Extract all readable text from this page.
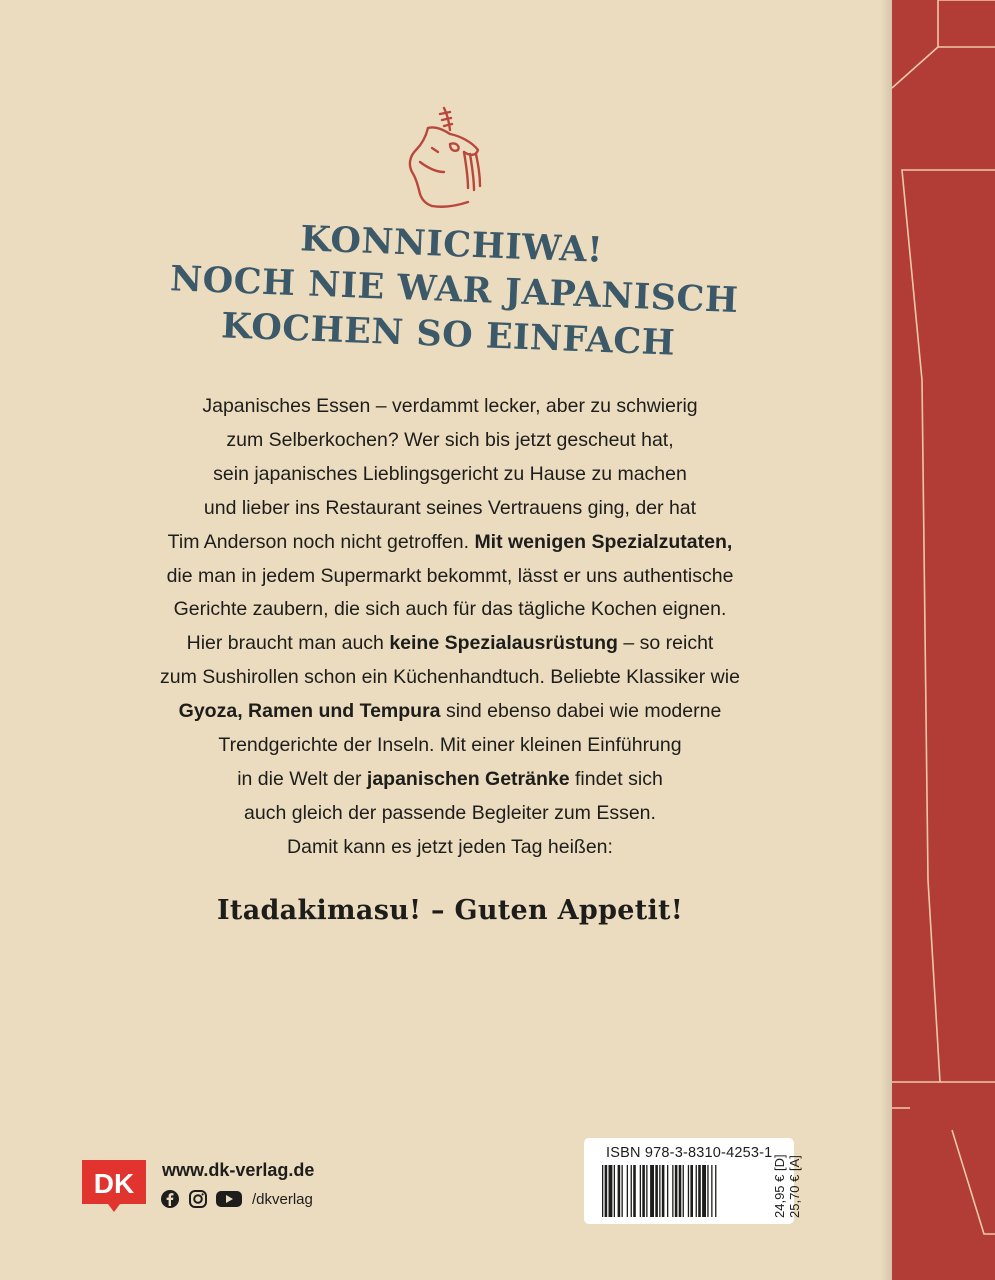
KONNICHIWA!
NOCH NIE WAR JAPANISCH
KOCHEN SO EINFACH

Japanisches Essen – verdammt lecker, aber zu schwierig

zum Selberkochen? Wer sich bis jetzt gescheut hat,

sein japanisches Lieblingsgericht zu Hause zu machen

und lieber ins Restaurant seines Vertrauens ging, der hat

Tim Anderson noch nicht getroffen. Mit wenigen Spezialzutaten,

die man in jedem Supermarkt bekommt, lässt er uns authentische

Gerichte zaubern, die sich auch für das tägliche Kochen eignen.

Hier braucht man auch keine Spezialausrüstung – so reicht

zum Sushirollen schon ein Küchenhandtuch. Beliebte Klassiker wie

Gyoza, Ramen und Tempura sind ebenso dabei wie moderne

Trendgerichte der Inseln. Mit einer kleinen Einführung

in die Welt der japanischen Getränke findet sich

auch gleich der passende Begleiter zum Essen.

Damit kann es jetzt jeden Tag heißen:

Itadakimasu! – Guten Appetit!
DK www.dk-verlag.de
/dkverlag
ISBN 978-3-8310-4253-1
24,95 € [D] 25,70 € [A]
